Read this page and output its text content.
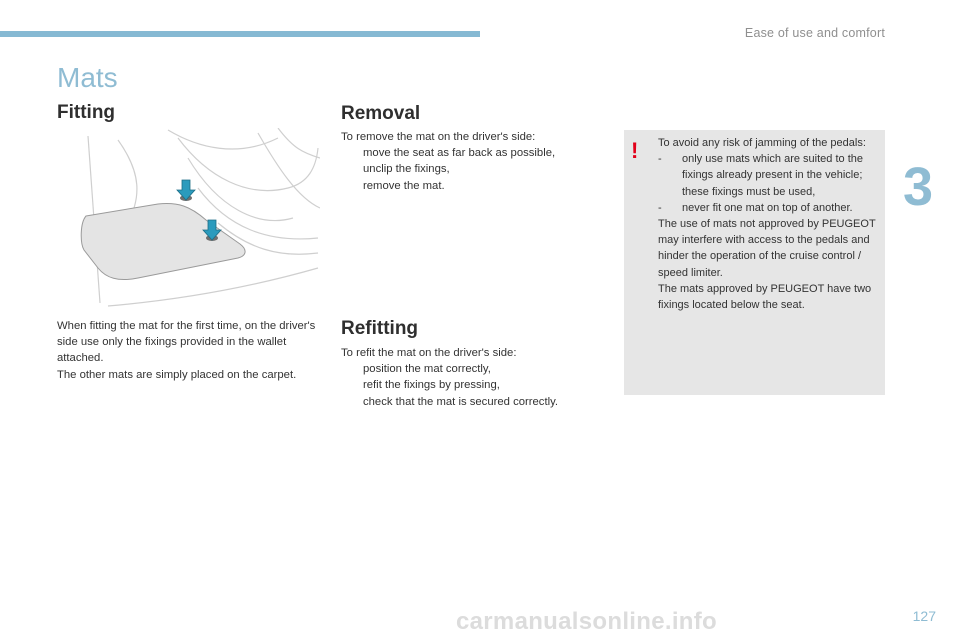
Ease of use and comfort
3
Mats
Fitting

When fitting the mat for the first time, on the driver's side use only the fixings provided in the wallet attached.

The other mats are simply placed on the carpet.

Removal

To remove the mat on the driver's side:

move the seat as far back as possible,
unclip the fixings,
remove the mat.
Refitting

To refit the mat on the driver's side:

position the mat correctly,
refit the fixings by pressing,
check that the mat is secured correctly.
! To avoid any risk of jamming of the pedals:

-	only use mats which are suited to the fixings already present in the vehicle; these fixings must be used,
-	never fit one mat on top of another.

The use of mats not approved by PEUGEOT may interfere with access to the pedals and hinder the operation of the cruise control / speed limiter.

The mats approved by PEUGEOT have two fixings located below the seat.

carmanualsonline.info	127
